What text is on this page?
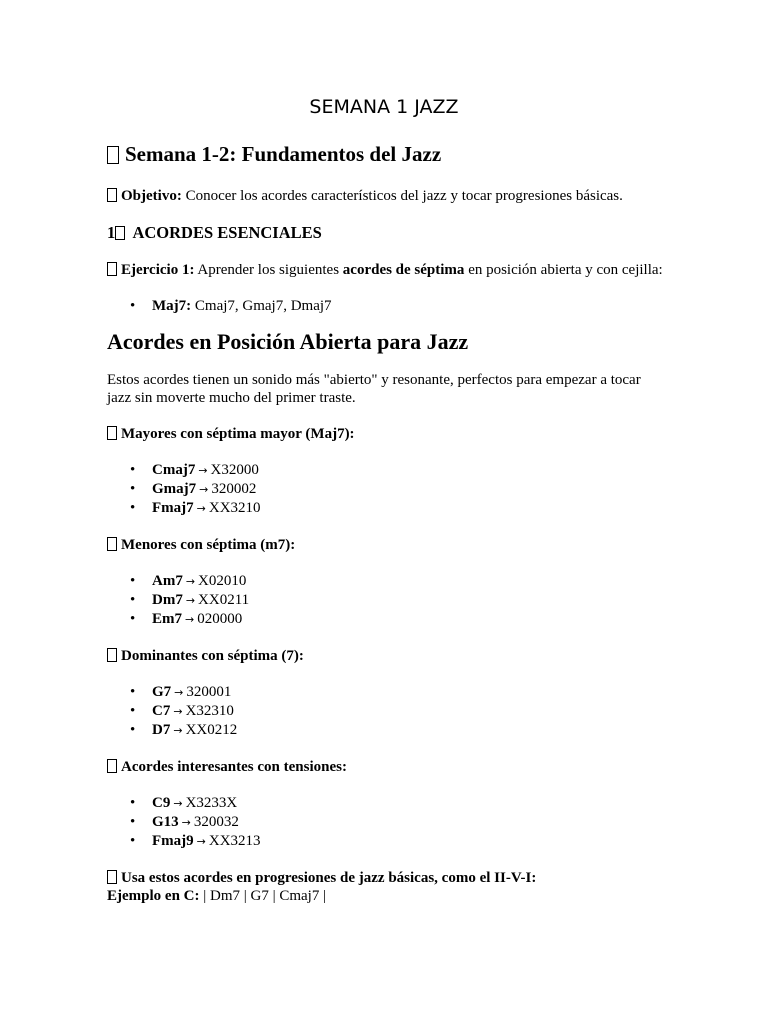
SEMANA 1 JAZZ
Semana 1-2: Fundamentos del Jazz

Objetivo: Conocer los acordes característicos del jazz y tocar progresiones básicas.

1 ACORDES ESENCIALES

Ejercicio 1: Aprender los siguientes acordes de séptima en posición abierta y con cejilla:

• Maj7: Cmaj7, Gmaj7, Dmaj7
Acordes en Posición Abierta para Jazz

Estos acordes tienen un sonido más "abierto" y resonante, perfectos para empezar a tocar jazz sin moverte mucho del primer traste.

Mayores con séptima mayor (Maj7):

• Cmaj7 → X32000
• Gmaj7 → 320002
• Fmaj7 → XX3210

Menores con séptima (m7):

• Am7 → X02010
• Dm7 → XX0211
• Em7 → 020000

Dominantes con séptima (7):

• G7 → 320001
• C7 → X32310
• D7 → XX0212

Acordes interesantes con tensiones:

• C9 → X3233X
• G13 → 320032
• Fmaj9 → XX3213

Usa estos acordes en progresiones de jazz básicas, como el II-V-I:
Ejemplo en C: | Dm7 | G7 | Cmaj7 |
